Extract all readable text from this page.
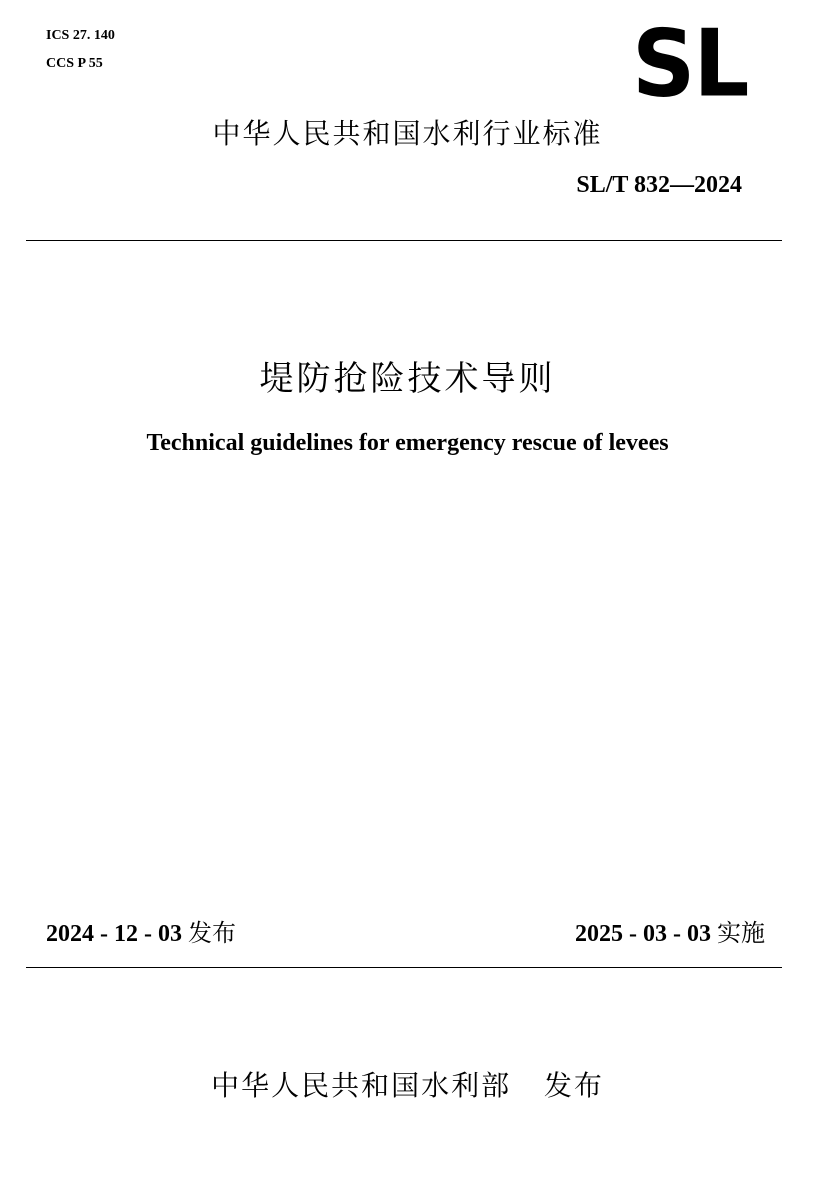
ICS 27. 140
CCS P 55	SL
中华人民共和国水利行业标准
SL/T 832—2024
堤防抢险技术导则
Technical guidelines for emergency rescue of levees
2024 - 12 - 03 发布	2025 - 03 - 03 实施
中华人民共和国水利部   发布
